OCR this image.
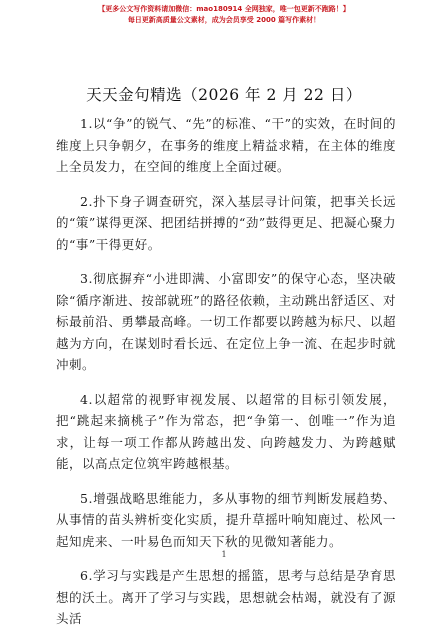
【更多公文写作资料请加微信：mao180914 全网独家，唯一包更新不跑路！】
每日更新高质量公文素材，成为会员享受 2000 篇写作素材！
天天金句精选（2026 年 2 月 22 日）

1.以“争”的锐气、“先”的标准、“干”的实效，在时间的维度上只争朝夕，在事务的维度上精益求精，在主体的维度上全员发力，在空间的维度上全面过硬。

2.扑下身子调查研究，深入基层寻计问策，把事关长远的“策”谋得更深、把团结拼搏的“劲”鼓得更足、把凝心聚力的“事”干得更好。

3.彻底摒弃“小进即满、小富即安”的保守心态，坚决破除“循序渐进、按部就班”的路径依赖，主动跳出舒适区、对标最前沿、勇攀最高峰。一切工作都要以跨越为标尺、以超越为方向，在谋划时看长远、在定位上争一流、在起步时就冲刺。

4.以超常的视野审视发展、以超常的目标引领发展，把“跳起来摘桃子”作为常态，把“争第一、创唯一”作为追求，让每一项工作都从跨越出发、向跨越发力、为跨越赋能，以高点定位筑牢跨越根基。

5.增强战略思维能力，多从事物的细节判断发展趋势、从事情的苗头辨析变化实质，提升草摇叶响知鹿过、松风一起知虎来、一叶易色而知天下秋的见微知著能力。

6.学习与实践是产生思想的摇篮，思考与总结是孕育思想的沃土。离开了学习与实践，思想就会枯竭，就没有了源头活

1
